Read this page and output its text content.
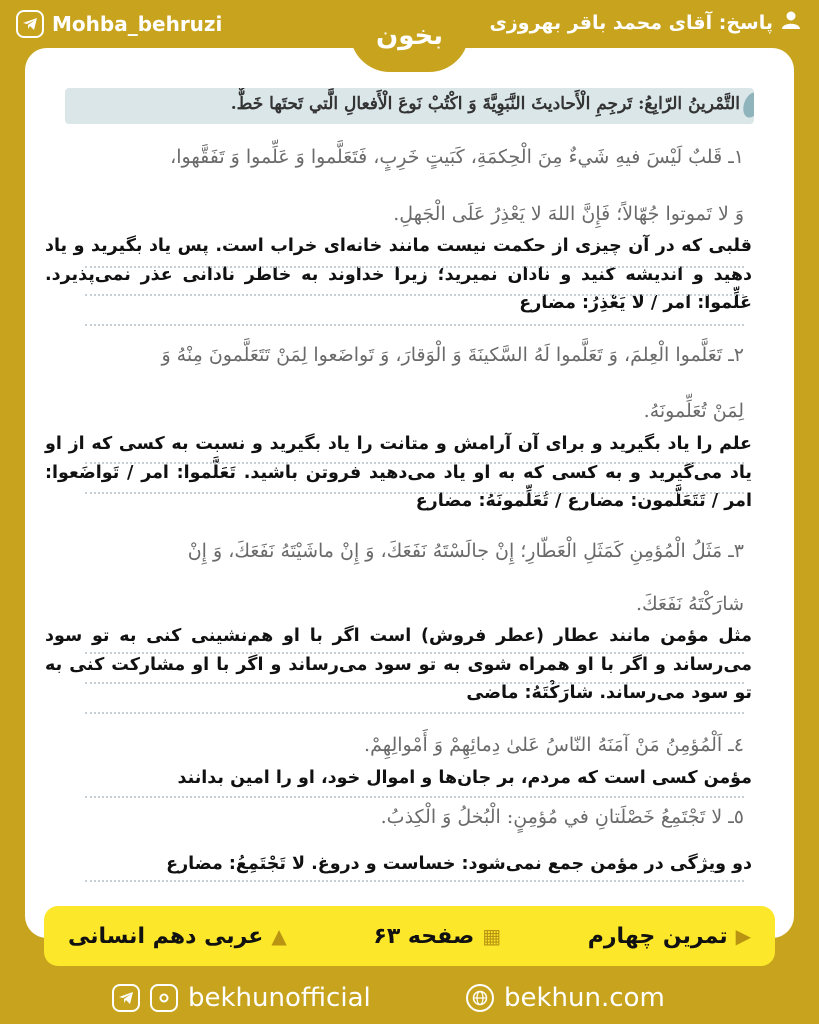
پاسخ: آقای محمد باقر بهروزی
Mohba_behruzi	بخون
التَّمْرينُ الرّابِعُ: تَرجِمِ الْأَحاديثَ النَّبَوِيَّةَ وَ اكْتُبْ نَوعَ الْأَفعالِ الَّتي تَحتَها خَطٌّ.
١ـ قَلبٌ لَيْسَ فيهِ شَيءٌ مِنَ الْحِكمَةِ، كَبَيتٍ خَرِبٍ، فَتَعَلَّموا وَ عَلِّموا وَ تَفَقَّهوا،
وَ لا تَموتوا جُهّالاً؛ فَإِنَّ اللهَ لا يَعْذِرُ عَلَى الْجَهلِ.
قلبی که در آن چیزی از حکمت نیست مانند خانه‌ای خراب است. پس یاد بگیرید و یاد دهید و اندیشه کنید و نادان نمیرید؛ زیرا خداوند به خاطر نادانی عذر نمی‌پذیرد. عَلِّموا: امر / لا یَعْذِرُ: مضارع
٢ـ تَعَلَّموا الْعِلمَ، وَ تَعَلَّموا لَهُ السَّكينَةَ وَ الْوَقارَ، وَ تَواضَعوا لِمَنْ تَتَعَلَّمونَ مِنْهُ وَ
لِمَنْ تُعَلِّمونَهُ.
علم را یاد بگیرید و برای آن آرامش و متانت را یاد بگیرید و نسبت به کسی که از او یاد می‌گیرید و به کسی که به او یاد می‌دهید فروتن باشید. تَعَلَّموا: امر / تَواضَعوا: امر / تَتَعَلَّمون: مضارع / تُعَلِّمونَهُ: مضارع
٣ـ مَثَلُ الْمُؤمِنِ كَمَثَلِ الْعَطّارِ؛ إِنْ جالَسْتَهُ نَفَعَكَ، وَ إِنْ ماشَيْتَهُ نَفَعَكَ، وَ إِنْ
شارَكْتَهُ نَفَعَكَ.
مثل مؤمن مانند عطار (عطر فروش) است اگر با او هم‌نشینی کنی به تو سود می‌رساند و اگر با او همراه شوی به تو سود می‌رساند و اگر با او مشارکت کنی به تو سود می‌رساند. شارَکْتَهُ: ماضی
٤ـ اَلْمُؤمِنُ مَنْ آمَنَهُ النّاسُ عَلىٰ دِمائِهِمْ وَ أَمْوالِهِمْ.
مؤمن کسی است که مردم، بر جان‌ها و اموال خود، او را امین بدانند
٥ـ لا تَجْتَمِعُ خَصْلَتانِ في مُؤمِنٍ: الْبُخلُ وَ الْكِذبُ.
دو ویژگی در مؤمن جمع نمی‌شود: خساست و دروغ. لا تَجْتَمِعُ: مضارع
▶
تمرین چهارم
▦
صفحه ۶۳
▲
عربی دهم انسانی
bekhunofficial	bekhun.com
